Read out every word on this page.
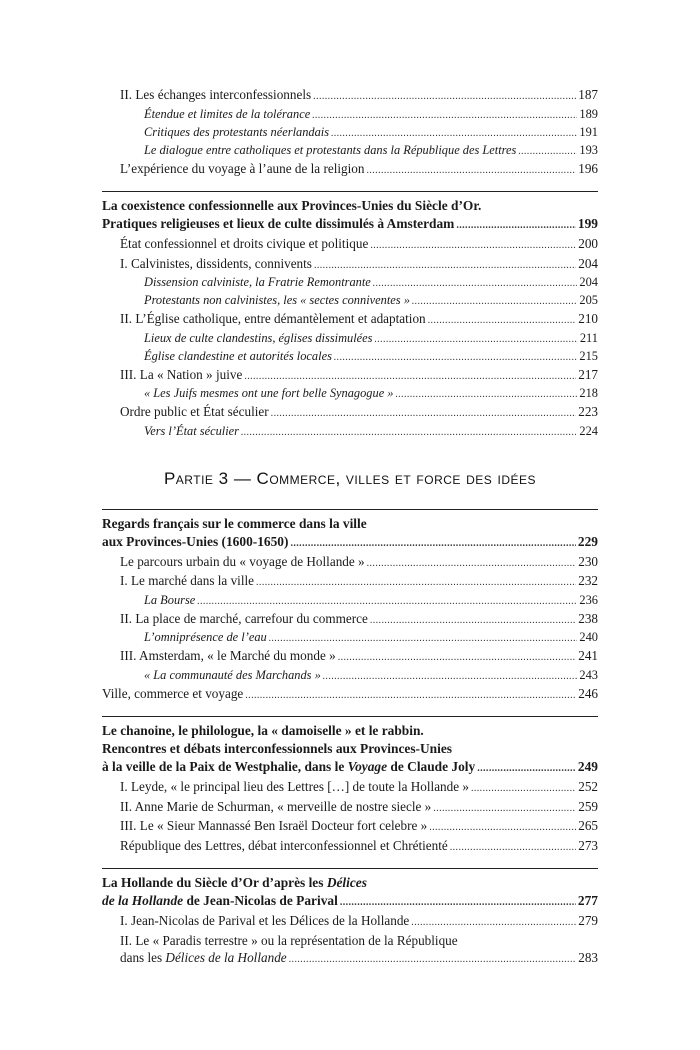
II. Les échanges interconfessionnels .....	187
Étendue et limites de la tolérance .....	189
Critiques des protestants néerlandais .....	191
Le dialogue entre catholiques et protestants dans la République des Lettres .....	193
L’expérience du voyage à l’aune de la religion .....	196
La coexistence confessionnelle aux Provinces-Unies du Siècle d’Or.
Pratiques religieuses et lieux de culte dissimulés à Amsterdam .....	199
État confessionnel et droits civique et politique .....	200
I. Calvinistes, dissidents, connivents .....	204
Dissension calviniste, la Fratrie Remontrante .....	204
Protestants non calvinistes, les « sectes conniventes » .....	205
II. L’Église catholique, entre démantèlement et adaptation .....	210
Lieux de culte clandestins, églises dissimulées .....	211
Église clandestine et autorités locales .....	215
III. La « Nation » juive .....	217
« Les Juifs mesmes ont une fort belle Synagogue » .....	218
Ordre public et État séculier .....	223
Vers l’État séculier .....	224
Partie 3 — Commerce, villes et force des idées
Regards français sur le commerce dans la ville
aux Provinces-Unies (1600-1650) .....	229
Le parcours urbain du « voyage de Hollande » .....	230
I. Le marché dans la ville .....	232
La Bourse .....	236
II. La place de marché, carrefour du commerce .....	238
L’omniprésence de l’eau .....	240
III. Amsterdam, « le Marché du monde » .....	241
« La communauté des Marchands » .....	243
Ville, commerce et voyage .....	246
Le chanoine, le philologue, la « damoiselle » et le rabbin.
Rencontres et débats interconfessionnels aux Provinces-Unies
à la veille de la Paix de Westphalie, dans le Voyage de Claude Joly .....	249
I. Leyde, « le principal lieu des Lettres […] de toute la Hollande » .....	252
II. Anne Marie de Schurman, « merveille de nostre siecle » .....	259
III. Le « Sieur Mannassé Ben Israël Docteur fort celebre » .....	265
République des Lettres, débat interconfessionnel et Chrétienté .....	273
La Hollande du Siècle d’Or d’après les Délices
de la Hollande de Jean-Nicolas de Parival .....	277
I. Jean-Nicolas de Parival et les Délices de la Hollande .....	279
II. Le « Paradis terrestre » ou la représentation de la République
dans les Délices de la Hollande .....	283
